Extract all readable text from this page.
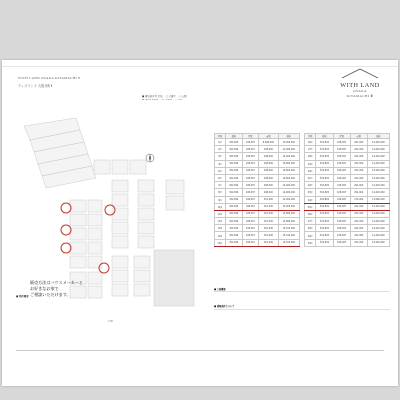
WITH LAND OSAKA KITAMACHI 8
ウィズランド 大阪北町Ⅱ
■ 建築条件付 宅地 □ 分譲中 ○ 公園
1/8
販売方法はハウスメーカーと
お好きなお家で
ご相談いただけます。
WITH LAND
OSAKA
KITAMACHI Ⅲ
区画	価格	坪数	㎡数	価格
1区	302,826	108,097	8,568,000	13,050,000
2区	302,826	108,097	298,000	14,000,000
3区	302,826	108,097	298,000	14,000,000
4区	302,826	108,097	298,000	14,800,000
5区	302,826	108,097	298,000	14,800,000
6区	302,826	108,097	298,000	14,800,000
7区	302,826	108,097	298,000	14,900,000
8区	302,826	108,097	298,000	14,900,000
9区	302,826	108,097	301,000	14,000,000
10区	302,826	108,097	301,000	14,000,000
11区	302,826	108,097	301,000	14,800,000
12区	302,826	108,097	301,000	14,800,000
13区	302,826	108,097	301,000	15,100,000
14区	302,826	108,097	301,000	15,100,000
15区	302,826	108,097	301,000	15,100,000
区画	価格	坪数	㎡数	価格
16区	302,826	108,097	291,000	14,420,000
17区	302,826	108,097	291,000	14,420,000
18区	302,826	108,097	291,000	14,420,000
19区	302,826	108,097	291,000	14,420,000
20区	302,826	108,097	291,000	14,420,000
21区	302,826	108,097	291,000	14,420,000
22区	302,826	108,097	291,000	14,420,000
23区	302,826	108,097	291,000	14,420,000
24区	302,826	108,097	274,000	13,680,000
25区	302,826	108,097	291,000	14,420,000
26区	302,826	108,097	291,000	14,420,000
27区	302,826	108,097	291,000	14,420,000
28区	302,826	108,097	291,000	14,420,000
29区	302,826	108,097	291,000	14,420,000
30区	302,826	108,097	291,000	14,420,000
■ 土地概要
■ 建築条件について
■ 物件概要
